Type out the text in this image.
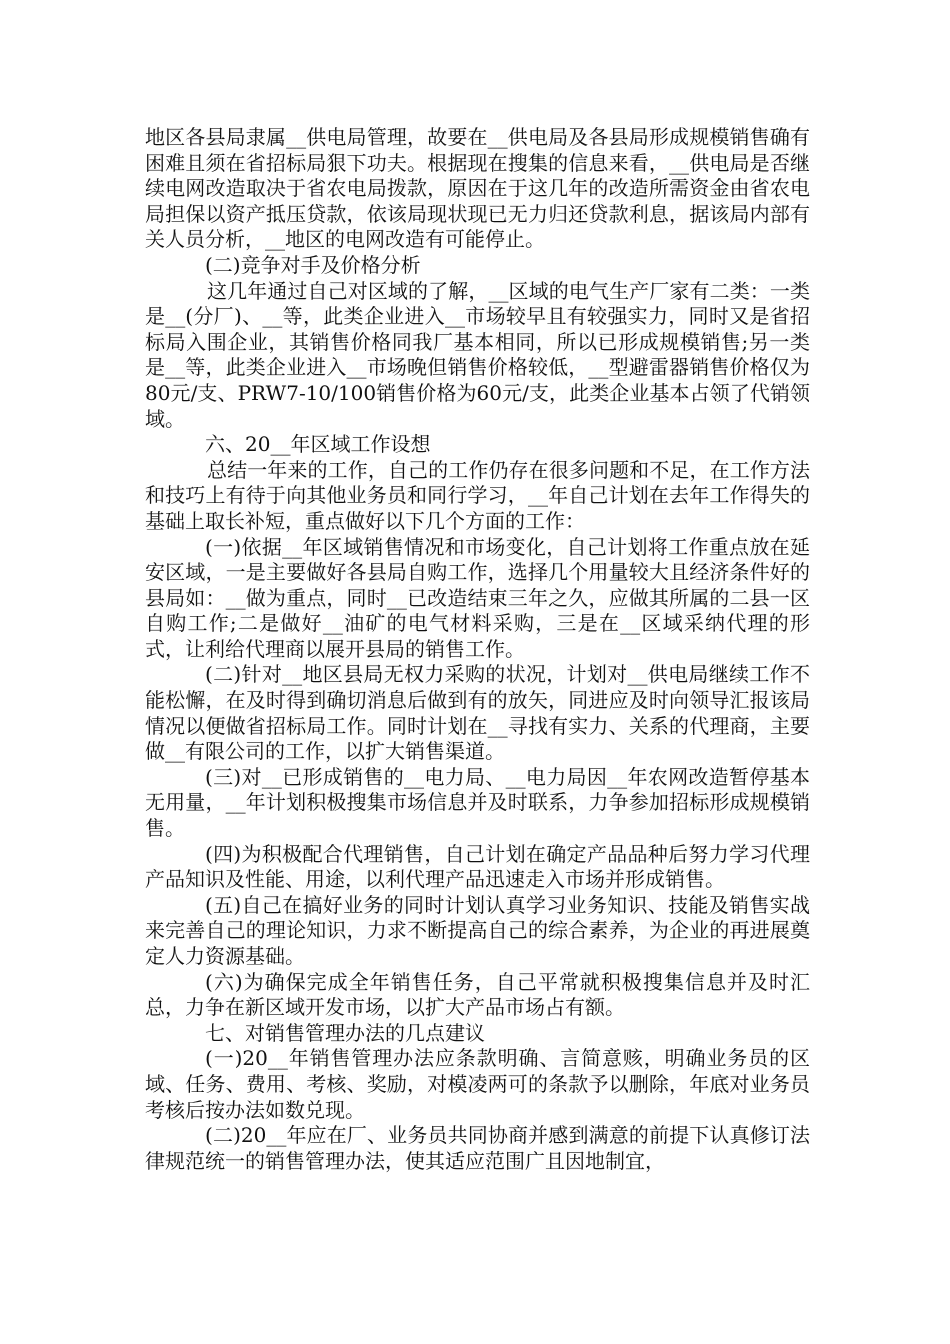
地区各县局隶属__供电局管理，故要在__供电局及各县局形成规模销售确有困难且须在省招标局狠下功夫。根据现在搜集的信息来看，__供电局是否继续电网改造取决于省农电局拨款，原因在于这几年的改造所需资金由省农电局担保以资产抵压贷款，依该局现状现已无力归还贷款利息，据该局内部有关人员分析，__地区的电网改造有可能停止。

(二)竞争对手及价格分析

这几年通过自己对区域的了解，__区域的电气生产厂家有二类：一类是__(分厂)、__等，此类企业进入__市场较早且有较强实力，同时又是省招标局入围企业，其销售价格同我厂基本相同，所以已形成规模销售;另一类是__等，此类企业进入__市场晚但销售价格较低，__型避雷器销售价格仅为80元/支、PRW7-10/100销售价格为60元/支，此类企业基本占领了代销领域。

六、20__年区域工作设想

总结一年来的工作，自己的工作仍存在很多问题和不足，在工作方法和技巧上有待于向其他业务员和同行学习，__年自己计划在去年工作得失的基础上取长补短，重点做好以下几个方面的工作：

(一)依据__年区域销售情况和市场变化，自己计划将工作重点放在延安区域，一是主要做好各县局自购工作，选择几个用量较大且经济条件好的县局如：__做为重点，同时__已改造结束三年之久，应做其所属的二县一区自购工作;二是做好__油矿的电气材料采购，三是在__区域采纳代理的形式，让利给代理商以展开县局的销售工作。

(二)针对__地区县局无权力采购的状况，计划对__供电局继续工作不能松懈，在及时得到确切消息后做到有的放矢，同进应及时向领导汇报该局情况以便做省招标局工作。同时计划在__寻找有实力、关系的代理商，主要做__有限公司的工作，以扩大销售渠道。

(三)对__已形成销售的__电力局、__电力局因__年农网改造暂停基本无用量，__年计划积极搜集市场信息并及时联系，力争参加招标形成规模销售。

(四)为积极配合代理销售，自己计划在确定产品品种后努力学习代理产品知识及性能、用途，以利代理产品迅速走入市场并形成销售。

(五)自己在搞好业务的同时计划认真学习业务知识、技能及销售实战来完善自己的理论知识，力求不断提高自己的综合素养，为企业的再进展奠定人力资源基础。

(六)为确保完成全年销售任务，自己平常就积极搜集信息并及时汇总，力争在新区域开发市场，以扩大产品市场占有额。

七、对销售管理办法的几点建议

(一)20__年销售管理办法应条款明确、言简意赅，明确业务员的区域、任务、费用、考核、奖励，对模凌两可的条款予以删除，年底对业务员考核后按办法如数兑现。

(二)20__年应在厂、业务员共同协商并感到满意的前提下认真修订法律规范统一的销售管理办法，使其适应范围广且因地制宜，
